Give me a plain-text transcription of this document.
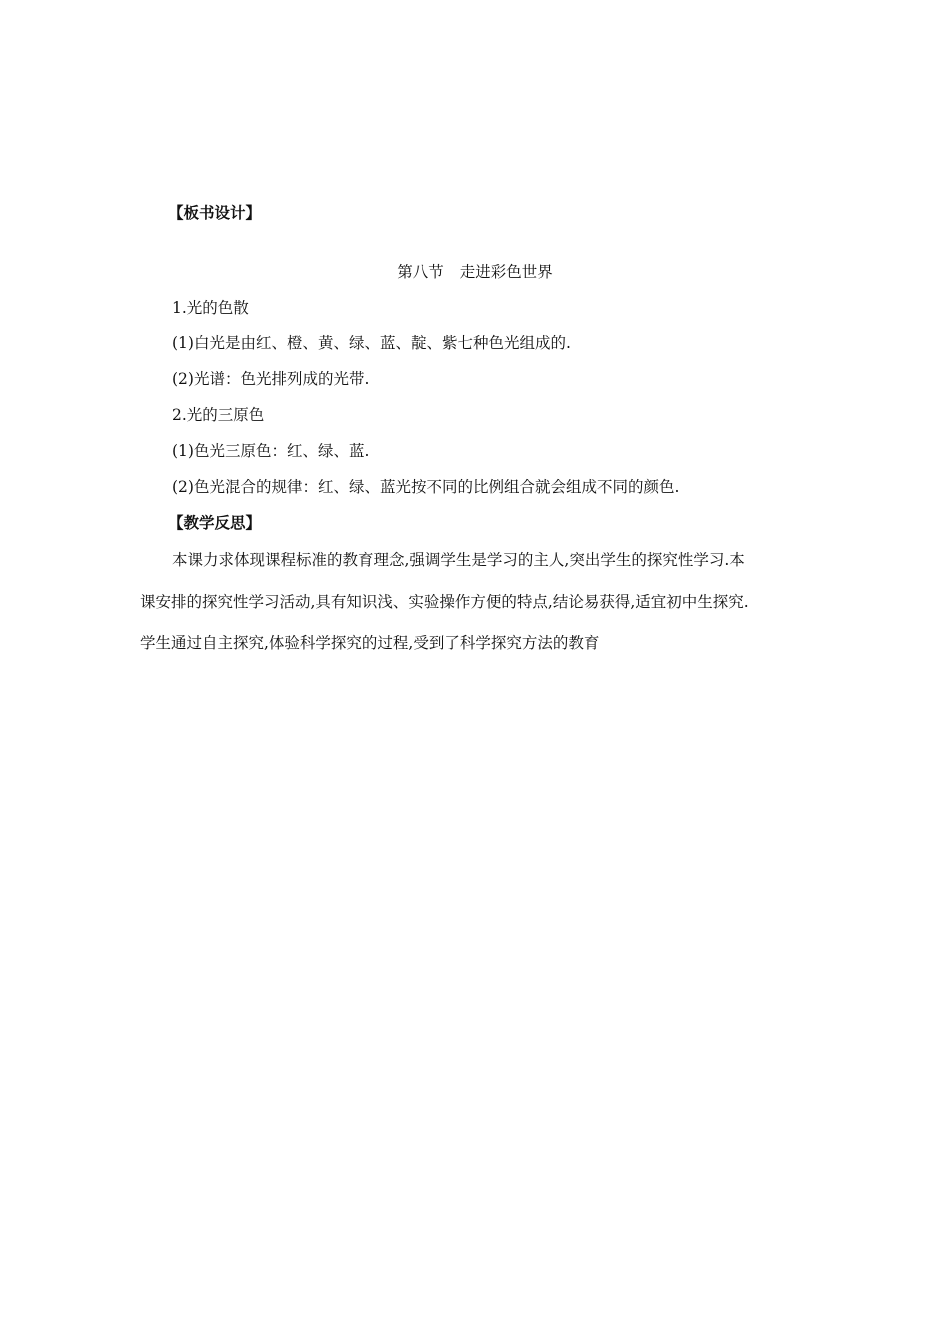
【板书设计】
第八节 走进彩色世界
1.光的色散
(1)白光是由红、橙、黄、绿、蓝、靛、紫七种色光组成的.
(2)光谱：色光排列成的光带.
2.光的三原色
(1)色光三原色：红、绿、蓝.
(2)色光混合的规律：红、绿、蓝光按不同的比例组合就会组成不同的颜色.
【教学反思】
本课力求体现课程标准的教育理念,强调学生是学习的主人,突出学生的探究性学习.本
课安排的探究性学习活动,具有知识浅、实验操作方便的特点,结论易获得,适宜初中生探究.
学生通过自主探究,体验科学探究的过程,受到了科学探究方法的教育
